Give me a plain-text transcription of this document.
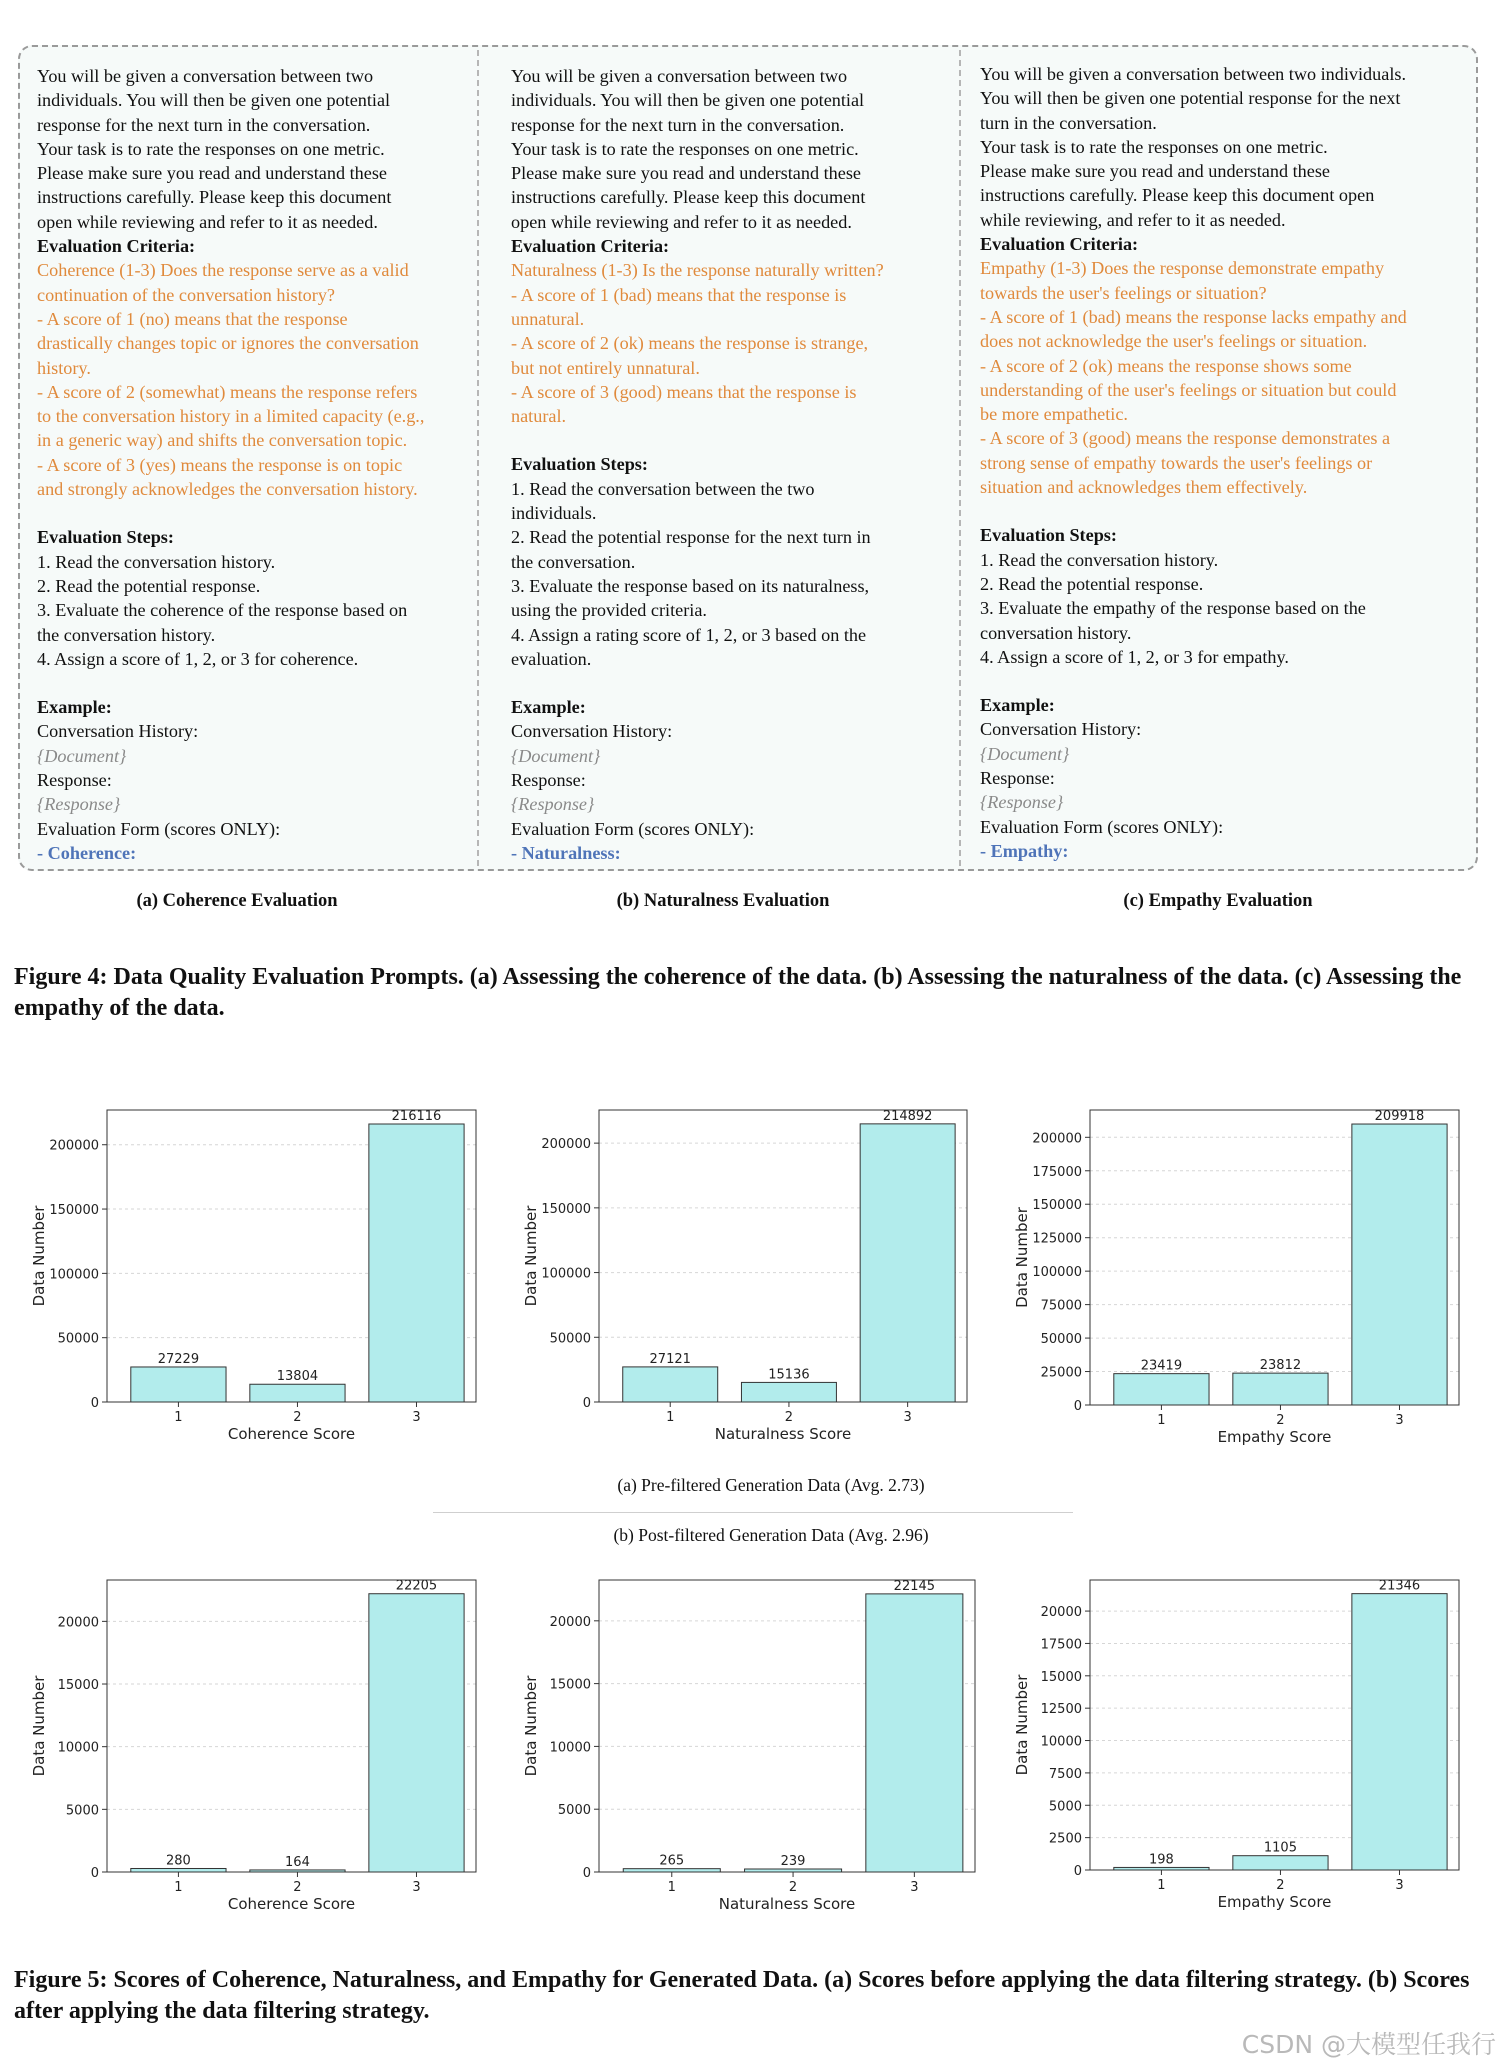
You will be given a conversation between two

individuals. You will then be given one potential

response for the next turn in the conversation.

Your task is to rate the responses on one metric.

Please make sure you read and understand these

instructions carefully. Please keep this document

open while reviewing and refer to it as needed.

Evaluation Criteria:

Coherence (1-3) Does the response serve as a valid

continuation of the conversation history?

- A score of 1 (no) means that the response

drastically changes topic or ignores the conversation

history.

- A score of 2 (somewhat) means the response refers

to the conversation history in a limited capacity (e.g.,

in a generic way) and shifts the conversation topic.

- A score of 3 (yes) means the response is on topic

and strongly acknowledges the conversation history.

Evaluation Steps:

1. Read the conversation history.

2. Read the potential response.

3. Evaluate the coherence of the response based on

the conversation history.

4. Assign a score of 1, 2, or 3 for coherence.

Example:

Conversation History:

{Document}

Response:

{Response}

Evaluation Form (scores ONLY):

- Coherence:

You will be given a conversation between two

individuals. You will then be given one potential

response for the next turn in the conversation.

Your task is to rate the responses on one metric.

Please make sure you read and understand these

instructions carefully. Please keep this document

open while reviewing and refer to it as needed.

Evaluation Criteria:

Naturalness (1-3) Is the response naturally written?

- A score of 1 (bad) means that the response is

unnatural.

- A score of 2 (ok) means the response is strange,

but not entirely unnatural.

- A score of 3 (good) means that the response is

natural.

Evaluation Steps:

1. Read the conversation between the two

individuals.

2. Read the potential response for the next turn in

the conversation.

3. Evaluate the response based on its naturalness,

using the provided criteria.

4. Assign a rating score of 1, 2, or 3 based on the

evaluation.

Example:

Conversation History:

{Document}

Response:

{Response}

Evaluation Form (scores ONLY):

- Naturalness:

You will be given a conversation between two individuals.

You will then be given one potential response for the next

turn in the conversation.

Your task is to rate the responses on one metric.

Please make sure you read and understand these

instructions carefully. Please keep this document open

while reviewing, and refer to it as needed.

Evaluation Criteria:

Empathy (1-3) Does the response demonstrate empathy

towards the user's feelings or situation?

- A score of 1 (bad) means the response lacks empathy and

does not acknowledge the user's feelings or situation.

- A score of 2 (ok) means the response shows some

understanding of the user's feelings or situation but could

be more empathetic.

- A score of 3 (good) means the response demonstrates a

strong sense of empathy towards the user's feelings or

situation and acknowledges them effectively.

Evaluation Steps:

1. Read the conversation history.

2. Read the potential response.

3. Evaluate the empathy of the response based on the

conversation history.

4. Assign a score of 1, 2, or 3 for empathy.

Example:

Conversation History:

{Document}

Response:

{Response}

Evaluation Form (scores ONLY):

- Empathy:

(a) Coherence Evaluation	(b) Naturalness Evaluation	(c) Empathy Evaluation
Figure 4: Data Quality Evaluation Prompts. (a) Assessing the coherence of the data. (b) Assessing the naturalness of the data. (c) Assessing the empathy of the data.
0
50000
100000
150000
200000
27229
1
13804
2
216116
3
Coherence Score
Data Number
0
50000
100000
150000
200000
27121
1
15136
2
214892
3
Naturalness Score
Data Number
0
25000
50000
75000
100000
125000
150000
175000
200000
23419
1
23812
2
209918
3
Empathy Score
Data Number
0
5000
10000
15000
20000
280
1
164
2
22205
3
Coherence Score
Data Number
0
5000
10000
15000
20000
265
1
239
2
22145
3
Naturalness Score
Data Number
0
2500
5000
7500
10000
12500
15000
17500
20000
198
1
1105
2
21346
3
Empathy Score
Data Number
(a) Pre-filtered Generation Data (Avg. 2.73)
(b) Post-filtered Generation Data (Avg. 2.96)
Figure 5: Scores of Coherence, Naturalness, and Empathy for Generated Data. (a) Scores before applying the data filtering strategy. (b) Scores after applying the data filtering strategy.
CSDN @大模型任我行
